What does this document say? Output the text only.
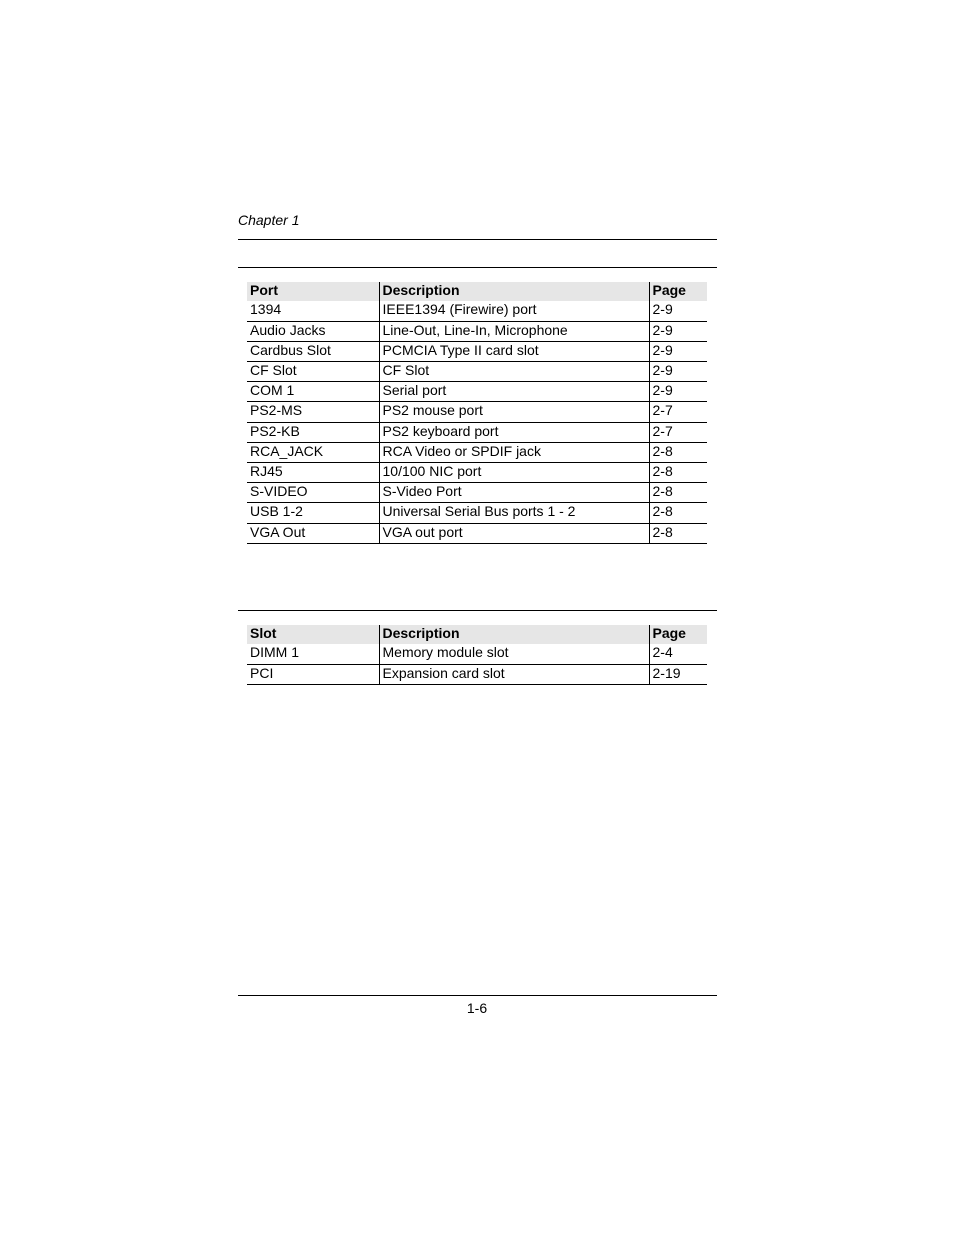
Chapter 1
Port	Description	Page
1394	IEEE1394 (Firewire) port	2-9
Audio Jacks	Line-Out, Line-In, Microphone	2-9
Cardbus Slot	PCMCIA Type II card slot	2-9
CF Slot	CF Slot	2-9
COM 1	Serial port	2-9
PS2-MS	PS2 mouse port	2-7
PS2-KB	PS2 keyboard port	2-7
RCA_JACK	RCA Video or SPDIF jack	2-8
RJ45	10/100 NIC port	2-8
S-VIDEO	S-Video Port	2-8
USB 1-2	Universal Serial Bus ports 1 - 2	2-8
VGA Out	VGA out port	2-8
Slot	Description	Page
DIMM 1	Memory module slot	2-4
PCI	Expansion card slot	2-19
1-6
